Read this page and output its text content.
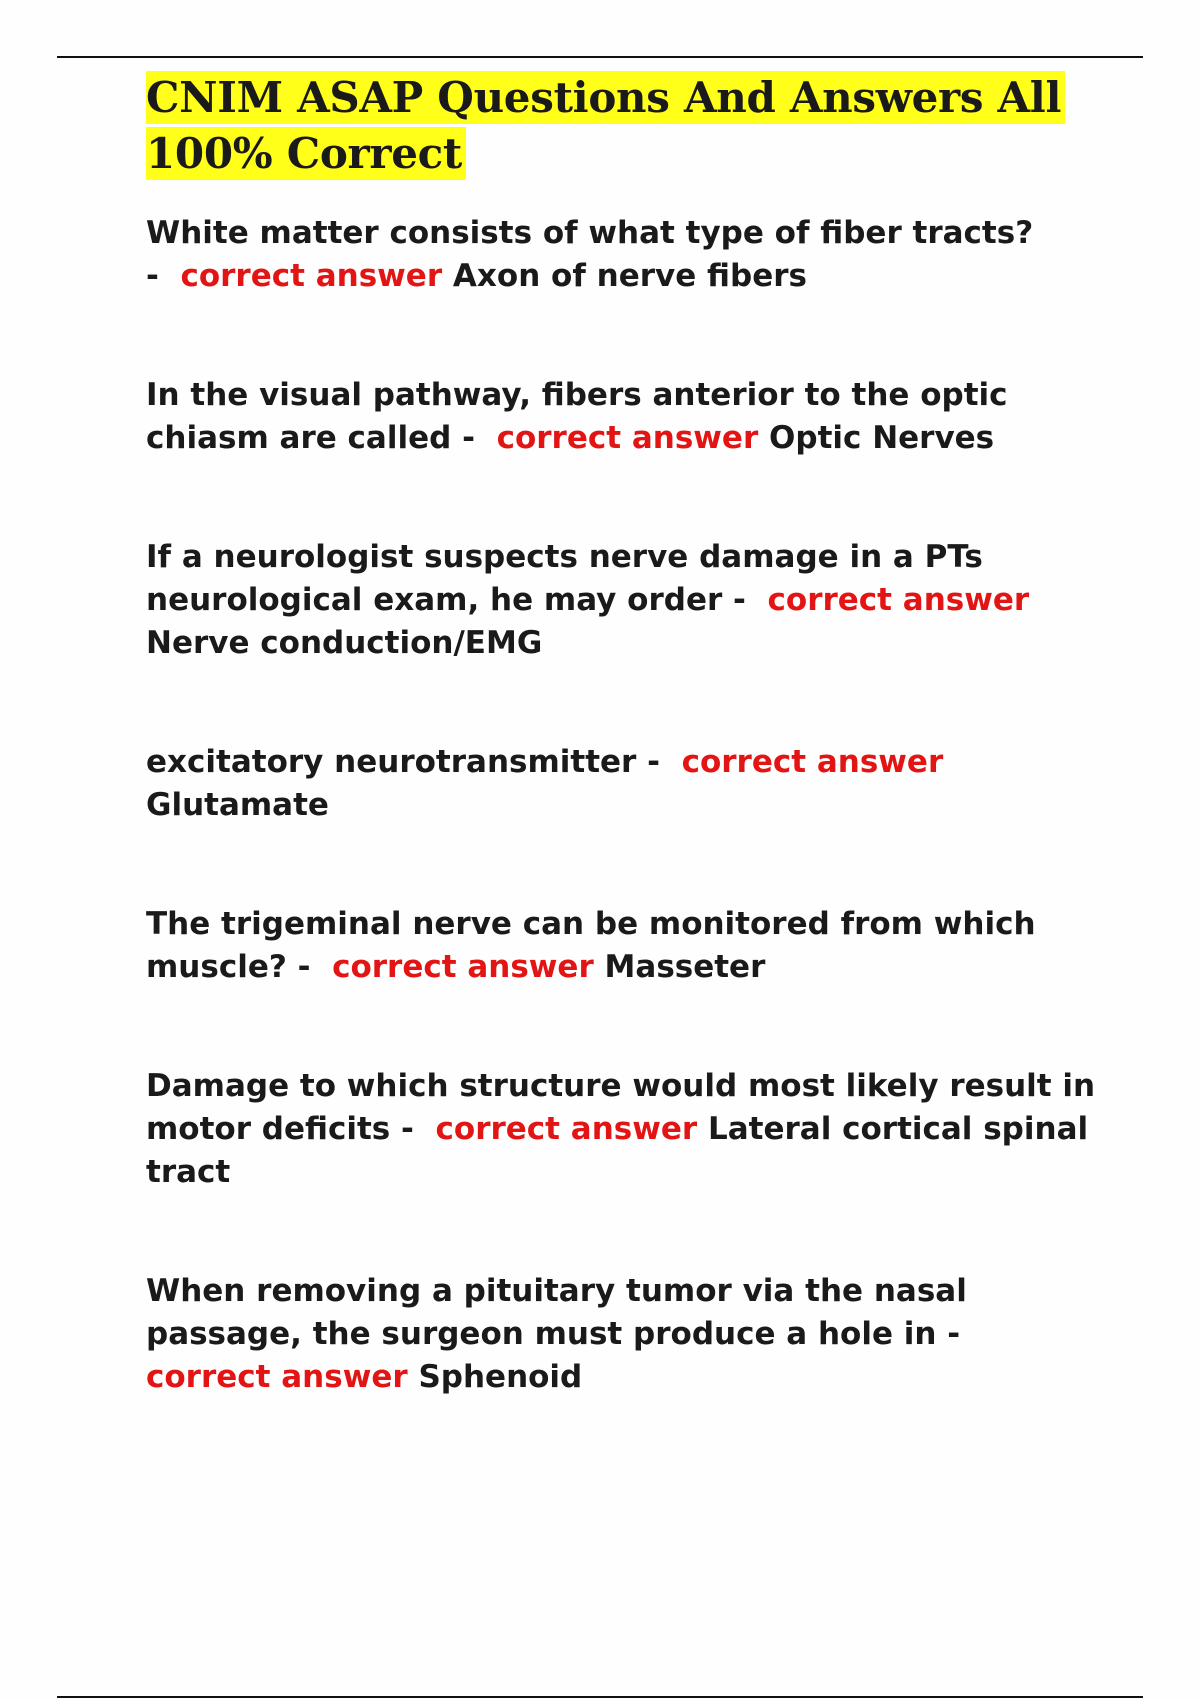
CNIM ASAP Questions And Answers All
100% Correct

White matter consists of what type of fiber tracts?
-  correct answer Axon of nerve fibers

In the visual pathway, fibers anterior to the optic chiasm are called -  correct answer Optic Nerves

If a neurologist suspects nerve damage in a PTs neurological exam, he may order -  correct answer Nerve conduction/EMG

excitatory neurotransmitter -  correct answer
Glutamate

The trigeminal nerve can be monitored from which muscle? -  correct answer Masseter

Damage to which structure would most likely result in motor deficits -  correct answer Lateral cortical spinal tract

When removing a pituitary tumor via the nasal passage, the surgeon must produce a hole in -
correct answer Sphenoid
